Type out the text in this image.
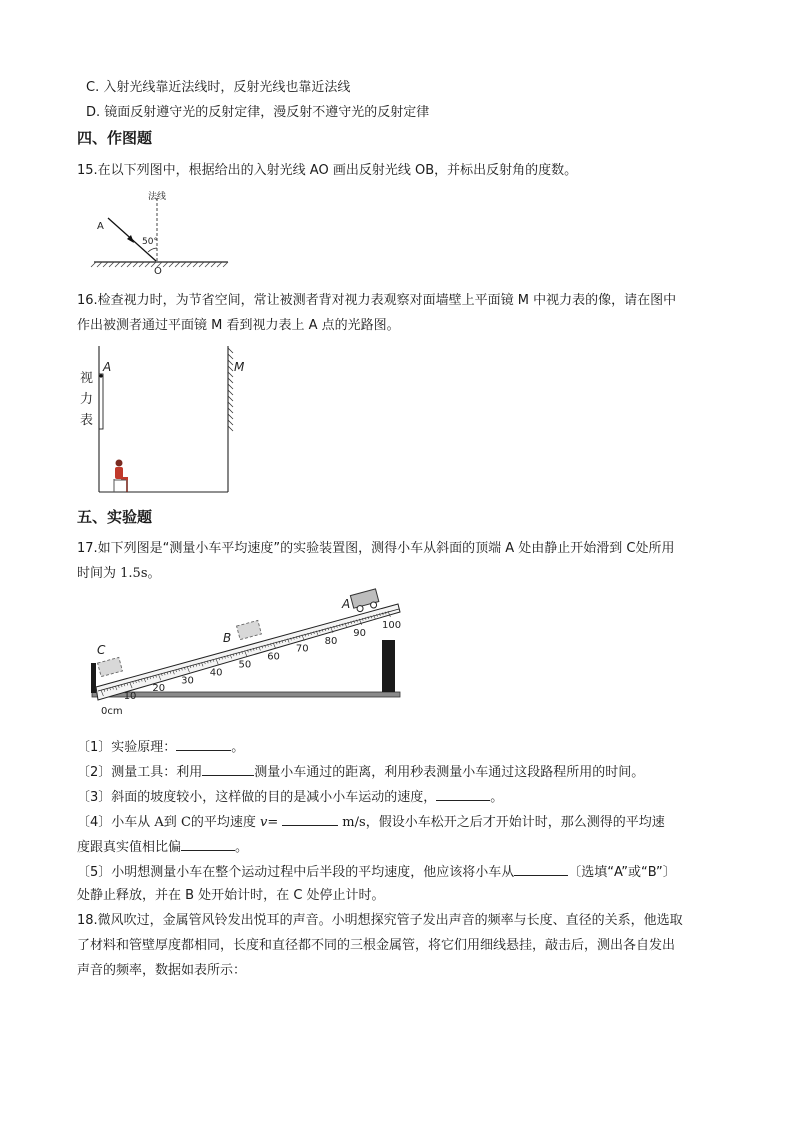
C. 入射光线靠近法线时，反射光线也靠近法线
D. 镜面反射遵守光的反射定律，漫反射不遵守光的反射定律
四、作图题
15.在以下列图中，根据给出的入射光线 AO 画出反射光线 OB，并标出反射角的度数。
法线
50°
A
O
16.检查视力时，为节省空间，常让被测者背对视力表观察对面墙壁上平面镜 M 中视力表的像，请在图中
作出被测者通过平面镜 M 看到视力表上 A 点的光路图。
视
力
表
A	M
五、实验题
17.如下列图是“测量小车平均速度”的实验装置图，测得小车从斜面的顶端 A 处由静止开始滑到 C处所用
时间为 1.5s。
10
20
30
40
50
60
70
80
90
100
0cm
C
B
A
〔1〕实验原理：	。
〔2〕测量工具：利用	测量小车通过的距离，利用秒表测量小车通过这段路程所用的时间。
〔3〕斜面的坡度较小，这样做的目的是减小小车运动的速度，	。
〔4〕小车从 A到 C的平均速度 v=	m/s，假设小车松开之后才开始计时，那么测得的平均速
度跟真实值相比偏	。
〔5〕小明想测量小车在整个运动过程中后半段的平均速度，他应该将小车从	〔选填“A”或“B”〕
处静止释放，并在 B 处开始计时，在 C 处停止计时。
18.微风吹过，金属管风铃发出悦耳的声音。小明想探究管子发出声音的频率与长度、直径的关系，他选取
了材料和管壁厚度都相同，长度和直径都不同的三根金属管，将它们用细线悬挂，敲击后，测出各自发出
声音的频率，数据如表所示：
